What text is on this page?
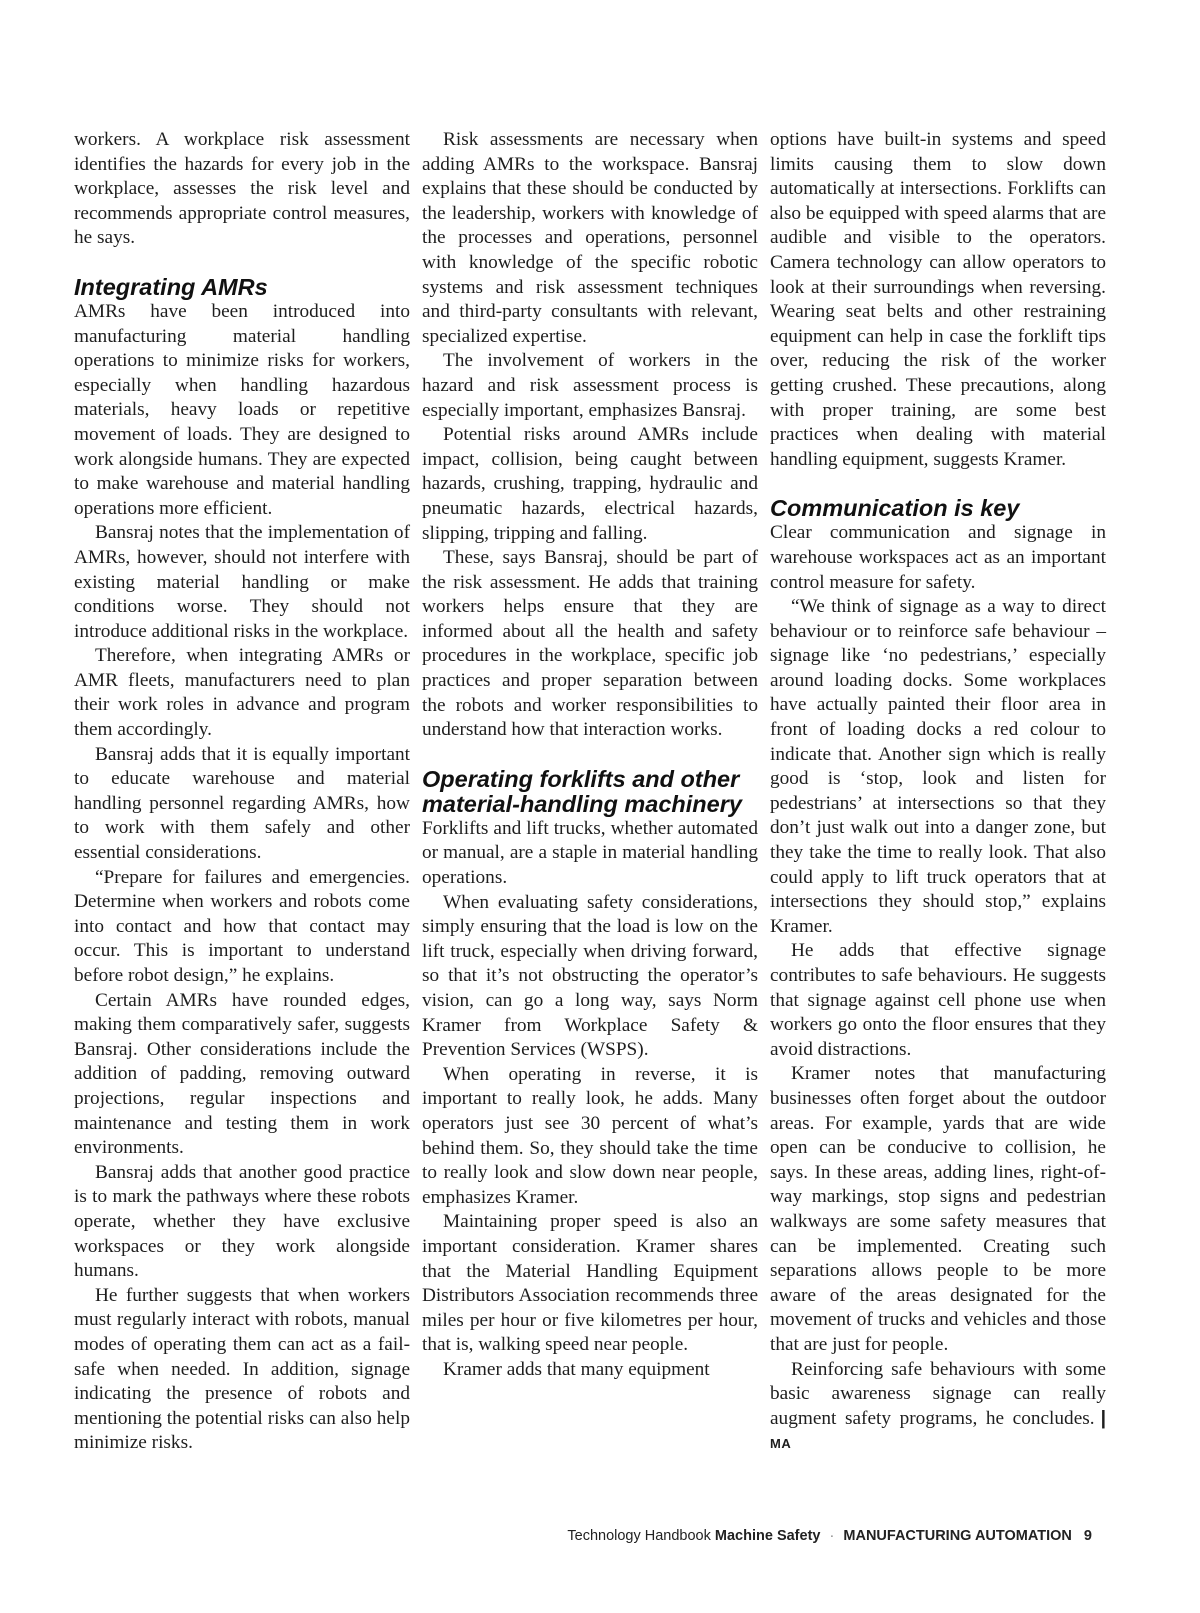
workers. A workplace risk assessment identifies the hazards for every job in the workplace, assesses the risk level and recommends appropriate control measures, he says.

Integrating AMRs

AMRs have been introduced into manufacturing material handling operations to minimize risks for workers, especially when handling hazardous materials, heavy loads or repetitive movement of loads. They are designed to work alongside humans. They are expected to make warehouse and material handling operations more efficient.

Bansraj notes that the implementation of AMRs, however, should not interfere with existing material handling or make conditions worse. They should not introduce additional risks in the workplace.

Therefore, when integrating AMRs or AMR fleets, manufacturers need to plan their work roles in advance and program them accordingly.

Bansraj adds that it is equally important to educate warehouse and material handling personnel regarding AMRs, how to work with them safely and other essential considerations.

“Prepare for failures and emergencies. Determine when workers and robots come into contact and how that contact may occur. This is important to understand before robot design,” he explains.

Certain AMRs have rounded edges, making them comparatively safer, suggests Bansraj. Other considerations include the addition of padding, removing outward projections, regular inspections and maintenance and testing them in work environments.

Bansraj adds that another good practice is to mark the pathways where these robots operate, whether they have exclusive workspaces or they work alongside humans.

He further suggests that when workers must regularly interact with robots, manual modes of operating them can act as a fail-safe when needed. In addition, signage indicating the presence of robots and mentioning the potential risks can also help minimize risks.

Risk assessments are necessary when adding AMRs to the workspace. Bansraj explains that these should be conducted by the leadership, workers with knowledge of the processes and operations, personnel with knowledge of the specific robotic systems and risk assessment techniques and third-party consultants with relevant, specialized expertise.

The involvement of workers in the hazard and risk assessment process is especially important, emphasizes Bansraj.

Potential risks around AMRs include impact, collision, being caught between hazards, crushing, trapping, hydraulic and pneumatic hazards, electrical hazards, slipping, tripping and falling.

These, says Bansraj, should be part of the risk assessment. He adds that training workers helps ensure that they are informed about all the health and safety procedures in the workplace, specific job practices and proper separation between the robots and worker responsibilities to understand how that interaction works.

Operating forklifts and other material-handling machinery

Forklifts and lift trucks, whether automated or manual, are a staple in material handling operations.

When evaluating safety considerations, simply ensuring that the load is low on the lift truck, especially when driving forward, so that it’s not obstructing the operator’s vision, can go a long way, says Norm Kramer from Workplace Safety & Prevention Services (WSPS).

When operating in reverse, it is important to really look, he adds. Many operators just see 30 percent of what’s behind them. So, they should take the time to really look and slow down near people, emphasizes Kramer.

Maintaining proper speed is also an important consideration. Kramer shares that the Material Handling Equipment Distributors Association recommends three miles per hour or five kilometres per hour, that is, walking speed near people.

Kramer adds that many equipment

options have built-in systems and speed limits causing them to slow down automatically at intersections. Forklifts can also be equipped with speed alarms that are audible and visible to the operators. Camera technology can allow operators to look at their surroundings when reversing. Wearing seat belts and other restraining equipment can help in case the forklift tips over, reducing the risk of the worker getting crushed. These precautions, along with proper training, are some best practices when dealing with material handling equipment, suggests Kramer.

Communication is key

Clear communication and signage in warehouse workspaces act as an important control measure for safety.

“We think of signage as a way to direct behaviour or to reinforce safe behaviour – signage like ‘no pedestrians,’ especially around loading docks. Some workplaces have actually painted their floor area in front of loading docks a red colour to indicate that. Another sign which is really good is ‘stop, look and listen for pedestrians’ at intersections so that they don’t just walk out into a danger zone, but they take the time to really look. That also could apply to lift truck operators that at intersections they should stop,” explains Kramer.

He adds that effective signage contributes to safe behaviours. He suggests that signage against cell phone use when workers go onto the floor ensures that they avoid distractions.

Kramer notes that manufacturing businesses often forget about the outdoor areas. For example, yards that are wide open can be conducive to collision, he says. In these areas, adding lines, right-of-way markings, stop signs and pedestrian walkways are some safety measures that can be implemented. Creating such separations allows people to be more aware of the areas designated for the movement of trucks and vehicles and those that are just for people.

Reinforcing safe behaviours with some basic awareness signage can really augment safety programs, he concludes. | MA

Technology Handbook Machine Safety · MANUFACTURING AUTOMATION 9
